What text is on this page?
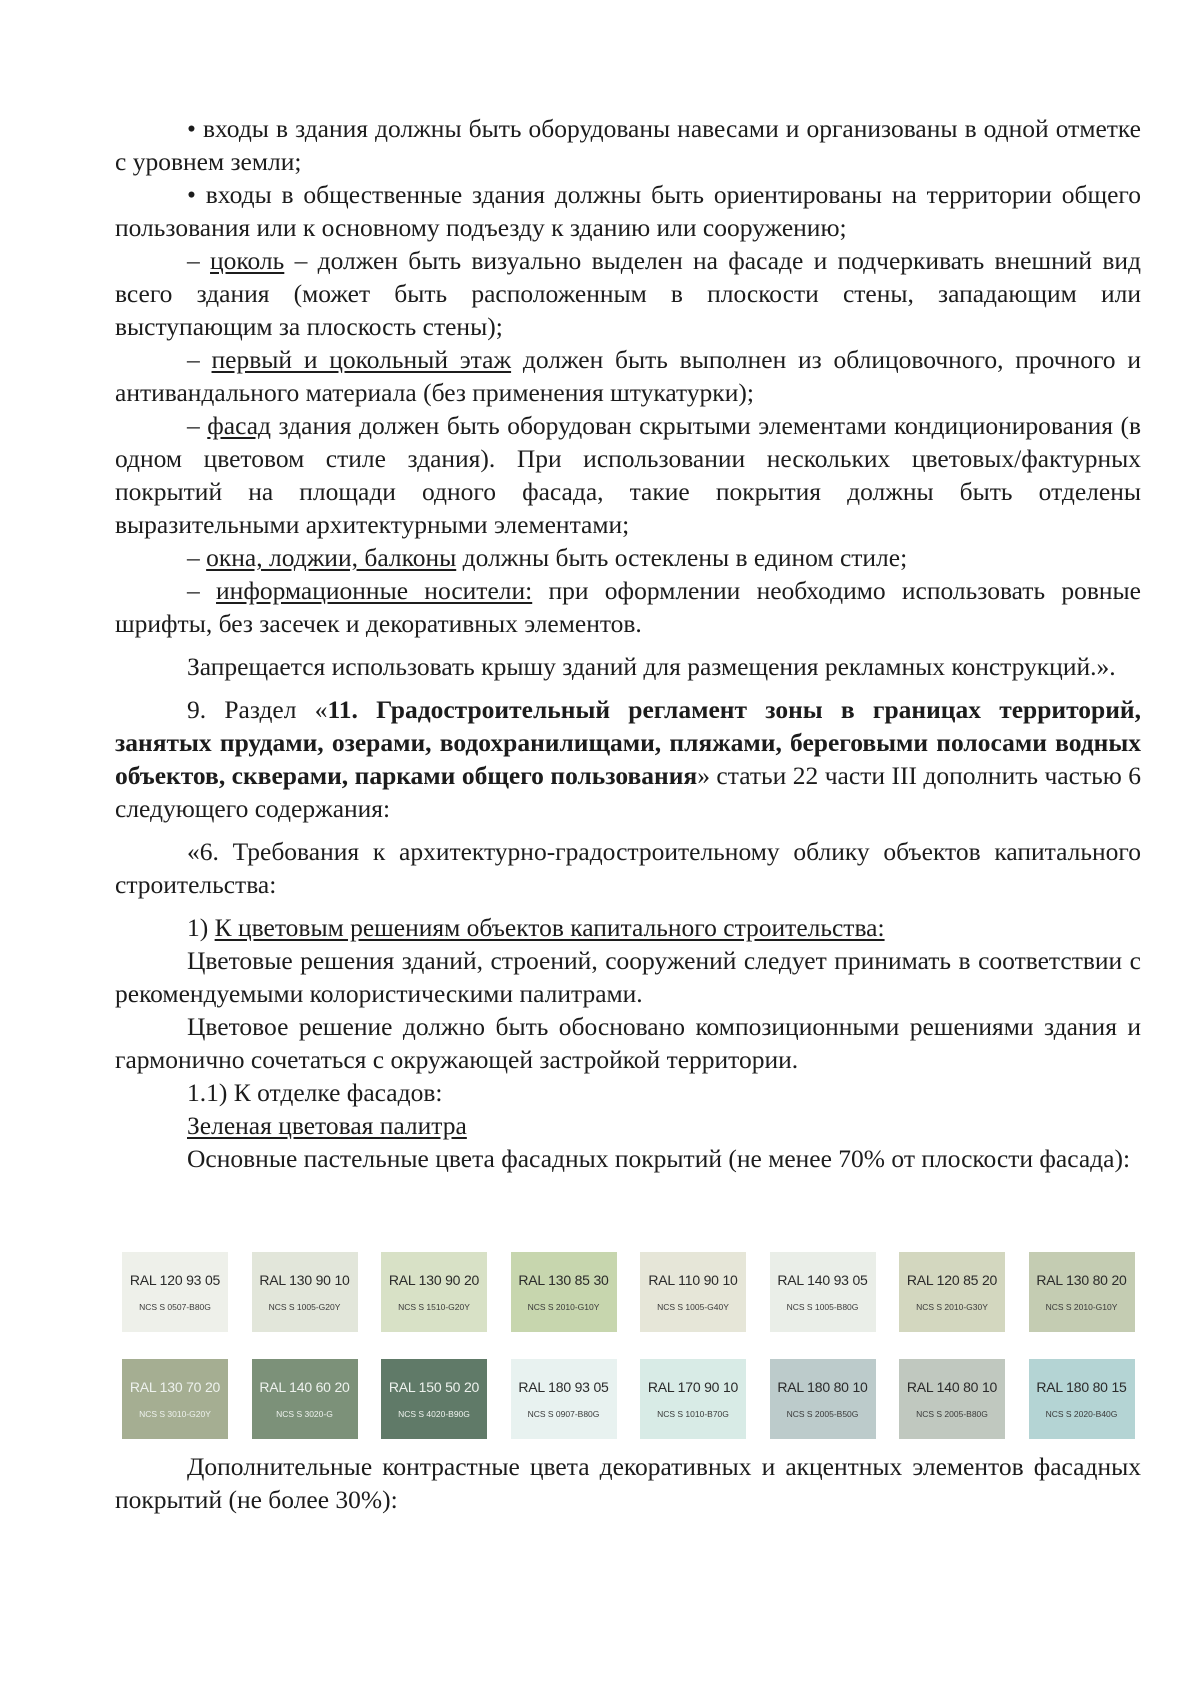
• входы в здания должны быть оборудованы навесами и организованы в одной отметке с уровнем земли;

• входы в общественные здания должны быть ориентированы на территории общего пользования или к основному подъезду к зданию или сооружению;

– цоколь – должен быть визуально выделен на фасаде и подчеркивать внешний вид всего здания (может быть расположенным в плоскости стены, западающим или выступающим за плоскость стены);

– первый и цокольный этаж должен быть выполнен из облицовочного, прочного и антивандального материала (без применения штукатурки);

– фасад здания должен быть оборудован скрытыми элементами кондиционирования (в одном цветовом стиле здания). При использовании нескольких цветовых/фактурных покрытий на площади одного фасада, такие покрытия должны быть отделены выразительными архитектурными элементами;

– окна, лоджии, балконы должны быть остеклены в едином стиле;

– информационные носители: при оформлении необходимо использовать ровные шрифты, без засечек и декоративных элементов.

Запрещается использовать крышу зданий для размещения рекламных конструкций.».

9. Раздел «11. Градостроительный регламент зоны в границах территорий, занятых прудами, озерами, водохранилищами, пляжами, береговыми полосами водных объектов, скверами, парками общего пользования» статьи 22 части III дополнить частью 6 следующего содержания:

«6. Требования к архитектурно-градостроительному облику объектов капитального строительства:

1) К цветовым решениям объектов капитального строительства:

Цветовые решения зданий, строений, сооружений следует принимать в соответствии с рекомендуемыми колористическими палитрами.

Цветовое решение должно быть обосновано композиционными решениями здания и гармонично сочетаться с окружающей застройкой территории.

1.1) К отделке фасадов:

Зеленая цветовая палитра

Основные пастельные цвета фасадных покрытий (не менее 70% от плоскости фасада):

RAL 120 93 05
NCS S 0507-B80G
RAL 130 90 10
NCS S 1005-G20Y
RAL 130 90 20
NCS S 1510-G20Y
RAL 130 85 30
NCS S 2010-G10Y
RAL 110 90 10
NCS S 1005-G40Y
RAL 140 93 05
NCS S 1005-B80G
RAL 120 85 20
NCS S 2010-G30Y
RAL 130 80 20
NCS S 2010-G10Y
RAL 130 70 20
NCS S 3010-G20Y
RAL 140 60 20
NCS S 3020-G
RAL 150 50 20
NCS S 4020-B90G
RAL 180 93 05
NCS S 0907-B80G
RAL 170 90 10
NCS S 1010-B70G
RAL 180 80 10
NCS S 2005-B50G
RAL 140 80 10
NCS S 2005-B80G
RAL 180 80 15
NCS S 2020-B40G

Дополнительные контрастные цвета декоративных и акцентных элементов фасадных покрытий (не более 30%):
